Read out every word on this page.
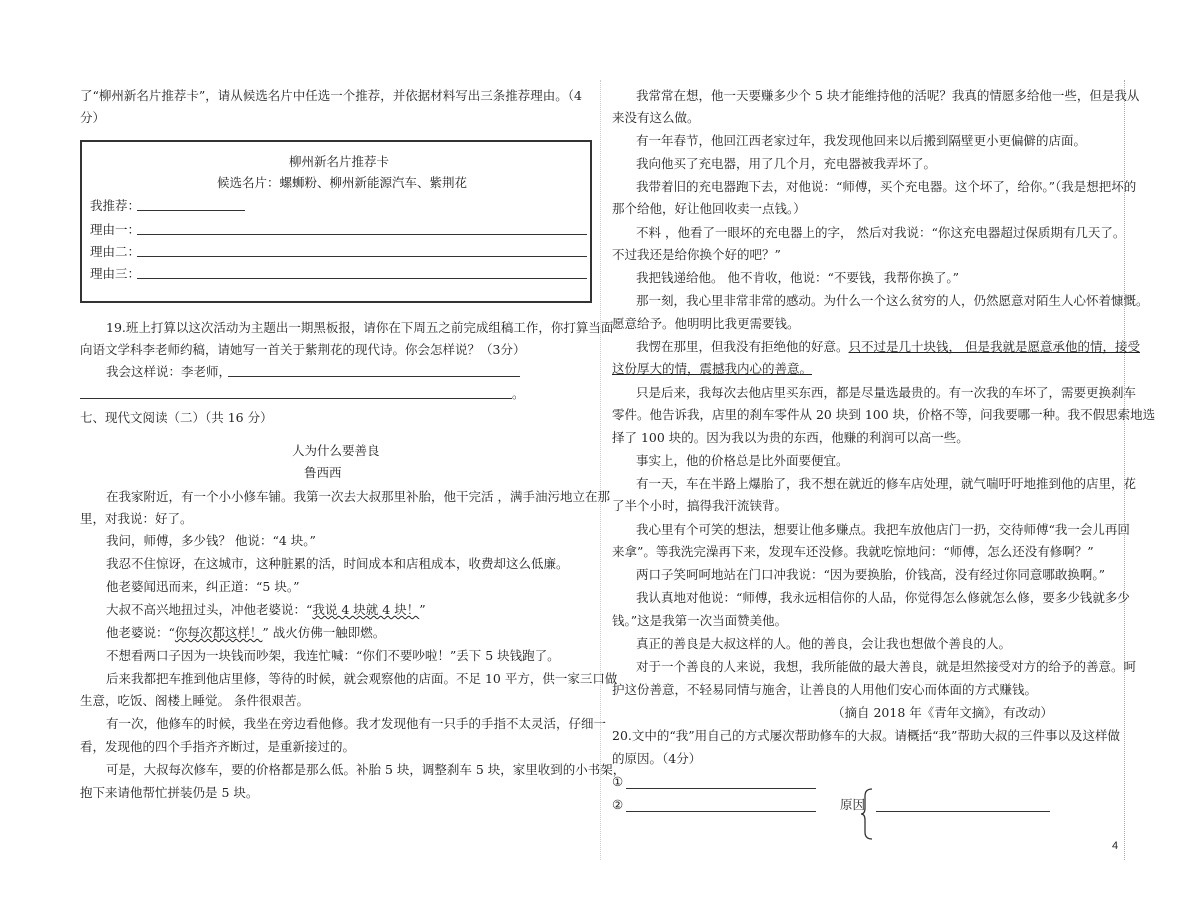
了“柳州新名片推荐卡”，请从候选名片中任选一个推荐，并依据材料写出三条推荐理由。（4
分）
柳州新名片推荐卡
候选名片：螺蛳粉、柳州新能源汽车、紫荆花
我推荐：
理由一：
理由二：
理由三：
19.班上打算以这次活动为主题出一期黑板报，请你在下周五之前完成组稿工作，你打算当面
向语文学科李老师约稿，请她写一首关于紫荆花的现代诗。你会怎样说？（3分）
我会这样说：李老师，
。
七、现代文阅读（二）（共 16 分）
人为什么要善良
鲁西西
在我家附近，有一个小小修车铺。我第一次去大叔那里补胎，他干完活 ，满手油污地立在那
里，对我说：好了。
我问，师傅，多少钱？ 他说：“4 块。”
我忍不住惊讶，在这城市，这种脏累的活，时间成本和店租成本，收费却这么低廉。
他老婆闻迅而来，纠正道：“5 块。”
大叔不高兴地扭过头，冲他老婆说：“我说 4 块就 4 块！”
他老婆说：“你每次都这样！” 战火仿佛一触即燃。
不想看两口子因为一块钱而吵架，我连忙喊：“你们不要吵啦！”丢下 5 块钱跑了。
后来我都把车推到他店里修，等待的时候，就会观察他的店面。不足 10 平方，供一家三口做
生意，吃饭、阁楼上睡觉。 条件很艰苦。
有一次，他修车的时候，我坐在旁边看他修。我才发现他有一只手的手指不太灵活，仔细一
看，发现他的四个手指齐齐断过，是重新接过的。
可是，大叔每次修车，要的价格都是那么低。补胎 5 块，调整刹车 5 块，家里收到的小书架，
抱下来请他帮忙拼装仍是 5 块。
我常常在想，他一天要赚多少个 5 块才能维持他的活呢？我真的情愿多给他一些，但是我从
来没有这么做。
有一年春节，他回江西老家过年，我发现他回来以后搬到隔壁更小更偏僻的店面。
我向他买了充电器，用了几个月，充电器被我弄坏了。
我带着旧的充电器跑下去，对他说：“师傅，买个充电器。这个坏了，给你。”（我是想把坏的
那个给他，好让他回收卖一点钱。）
不料 ，他看了一眼坏的充电器上的字， 然后对我说：“你这充电器超过保质期有几天了。
不过我还是给你换个好的吧？”
我把钱递给他。 他不肯收，他说：“不要钱，我帮你换了。”
那一刻，我心里非常非常的感动。为什么一个这么贫穷的人，仍然愿意对陌生人心怀着慷慨。
愿意给予。他明明比我更需要钱。
我愣在那里，但我没有拒绝他的好意。只不过是几十块钱， 但是我就是愿意承他的情，接受
这份厚大的情，震撼我内心的善意。
只是后来，我每次去他店里买东西，都是尽量选最贵的。有一次我的车坏了，需要更换刹车
零件。他告诉我，店里的刹车零件从 20 块到 100 块，价格不等，问我要哪一种。我不假思索地选
择了 100 块的。因为我以为贵的东西，他赚的利润可以高一些。
事实上，他的价格总是比外面要便宜。
有一天，车在半路上爆胎了，我不想在就近的修车店处理，就气喘吁吁地推到他的店里，花
了半个小时，搞得我汗流铗背。
我心里有个可笑的想法，想要让他多赚点。我把车放他店门一扔，交待师傅“我一会儿再回
来拿”。等我洗完澡再下来，发现车还没修。我就吃惊地问：“师傅，怎么还没有修啊？”
两口子笑呵呵地站在门口冲我说：“因为要换胎，价钱高，没有经过你同意哪敢换啊。”
我认真地对他说：“师傅，我永远相信你的人品，你觉得怎么修就怎么修，要多少钱就多少
钱。”这是我第一次当面赞美他。
真正的善良是大叔这样的人。他的善良，会让我也想做个善良的人。
对于一个善良的人来说，我想，我所能做的最大善良，就是坦然接受对方的给予的善意。呵
护这份善意，不轻易同情与施舍，让善良的人用他们安心而体面的方式赚钱。
（摘自 2018 年《青年文摘》，有改动）
20.文中的“我”用自己的方式屡次帮助修车的大叔。请概括“我”帮助大叔的三件事以及这样做
的原因。（4分）
①
②	原因
4
